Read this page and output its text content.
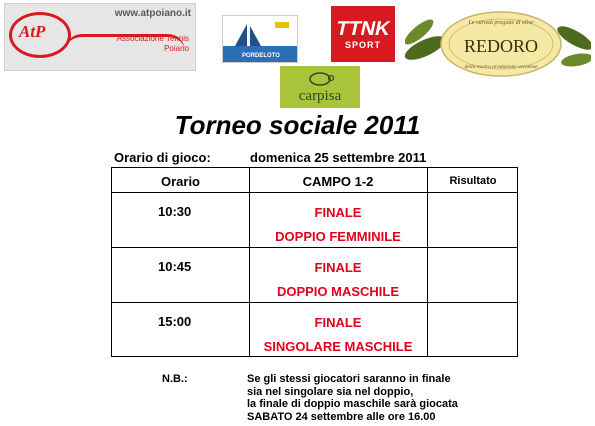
AtP
www.atpoiano.it
Associazione Tennis
Poiano
PORDELOTO
TTNK
SPORT
Le varietà pregiate di olive
REDORO
della nostra produzione veronese
carpisa
Torneo sociale 2011
Orario di gioco:	domenica 25 settembre 2011
Orario	CAMPO 1-2	Risultato
10:30	FINALE
DOPPIO FEMMINILE
10:45	FINALE
DOPPIO MASCHILE
15:00	FINALE
SINGOLARE MASCHILE
N.B.:	Se gli stessi giocatori saranno in finale
sia nel singolare sia nel doppio,
la finale di doppio maschile sarà giocata
SABATO 24 settembre alle ore 16.00
